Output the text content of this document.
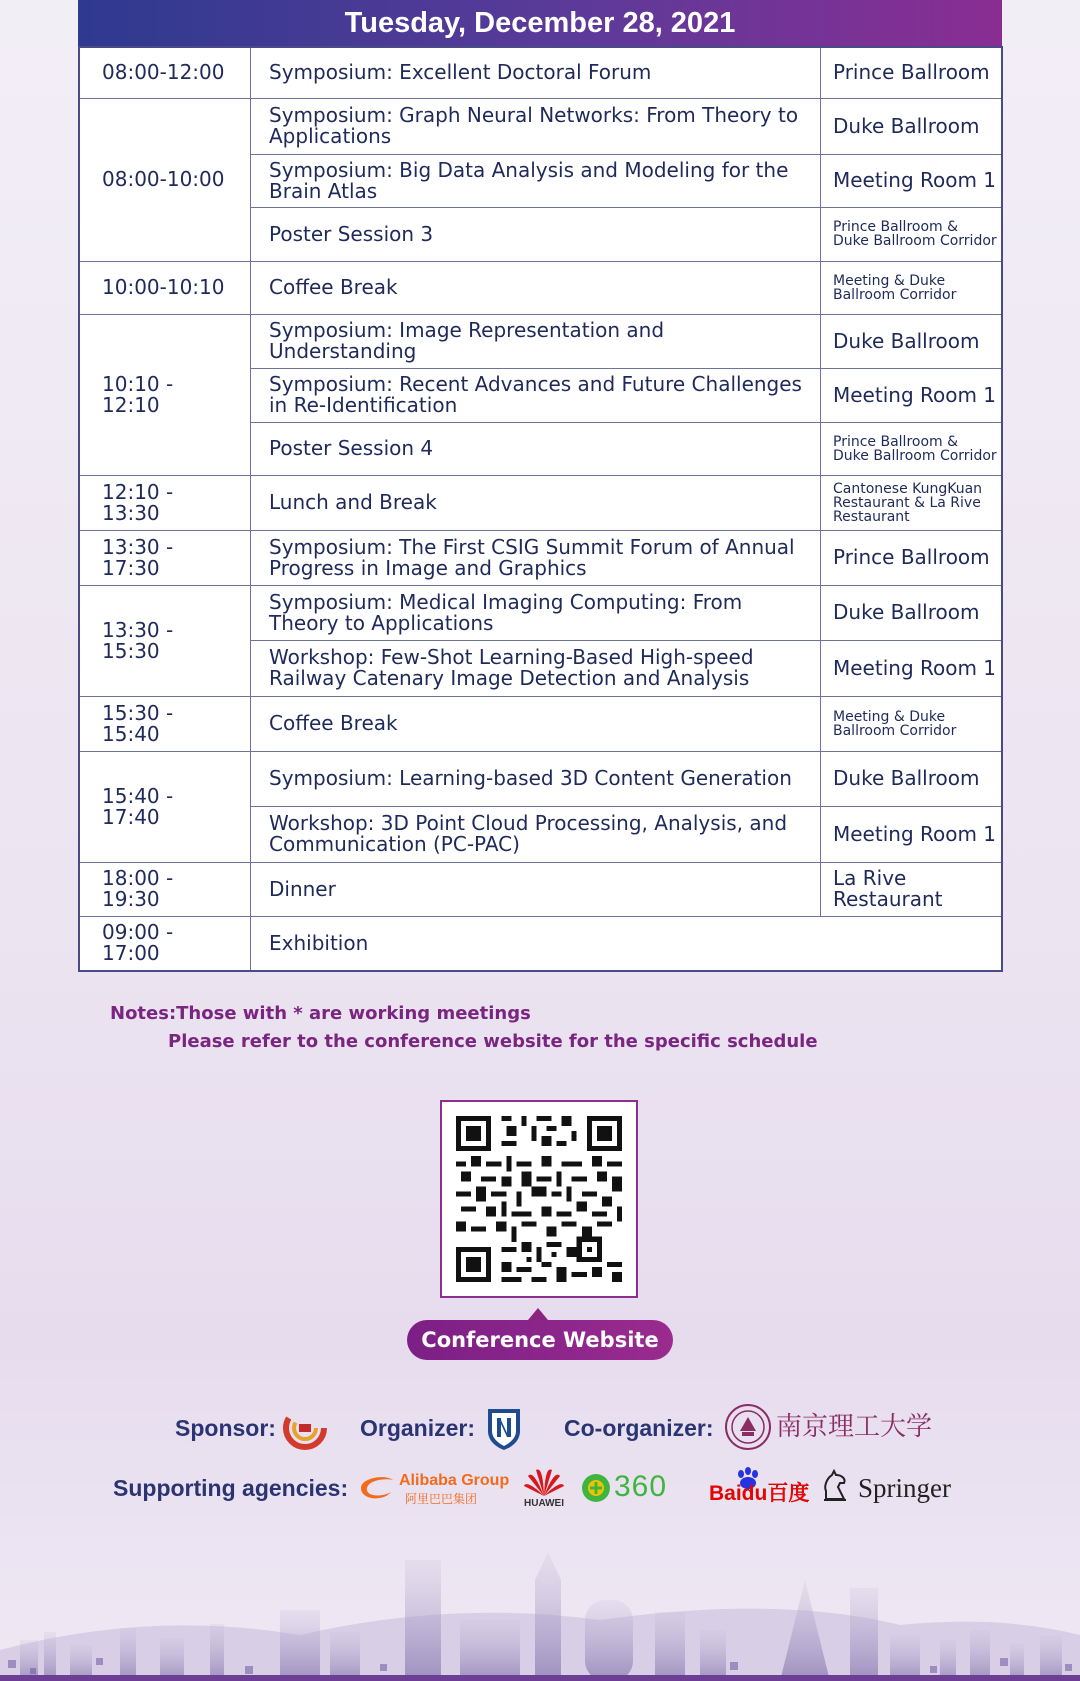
Tuesday, December 28, 2021
08:00-12:00	Symposium: Excellent Doctoral Forum	Prince Ballroom
08:00-10:00	Symposium: Graph Neural Networks: From Theory to Applications	Duke Ballroom
	Symposium: Big Data Analysis and Modeling for the Brain Atlas	Meeting Room 1
	Poster Session 3	Prince Ballroom & Duke Ballroom Corridor
10:00-10:10	Coffee Break	Meeting & Duke Ballroom Corridor
10:10 - 12:10	Symposium: Image Representation and Understanding	Duke Ballroom
	Symposium: Recent Advances and Future Challenges in Re-Identification	Meeting Room 1
	Poster Session 4	Prince Ballroom & Duke Ballroom Corridor
12:10 - 13:30	Lunch and Break	Cantonese KungKuan Restaurant & La Rive Restaurant
13:30 - 17:30	Symposium: The First CSIG Summit Forum of Annual Progress in Image and Graphics	Prince Ballroom
13:30 - 15:30	Symposium: Medical Imaging Computing: From Theory to Applications	Duke Ballroom
	Workshop: Few-Shot Learning-Based High-speed Railway Catenary Image Detection and Analysis	Meeting Room 1
15:30 - 15:40	Coffee Break	Meeting & Duke Ballroom Corridor
15:40 - 17:40	Symposium: Learning-based 3D Content Generation	Duke Ballroom
	Workshop: 3D Point Cloud Processing, Analysis, and Communication (PC-PAC)	Meeting Room 1
18:00 - 19:30	Dinner	La Rive Restaurant
09:00 - 17:00	Exhibition	
Notes:Those with * are working meetings
Please refer to the conference website for the specific schedule
Conference Website
Sponsor:	Organizer:	Co-organizer: 南京理工大学
Supporting agencies:	Alibaba Group
阿里巴巴集团	HUAWEI
360 Baidu百度 Springer
